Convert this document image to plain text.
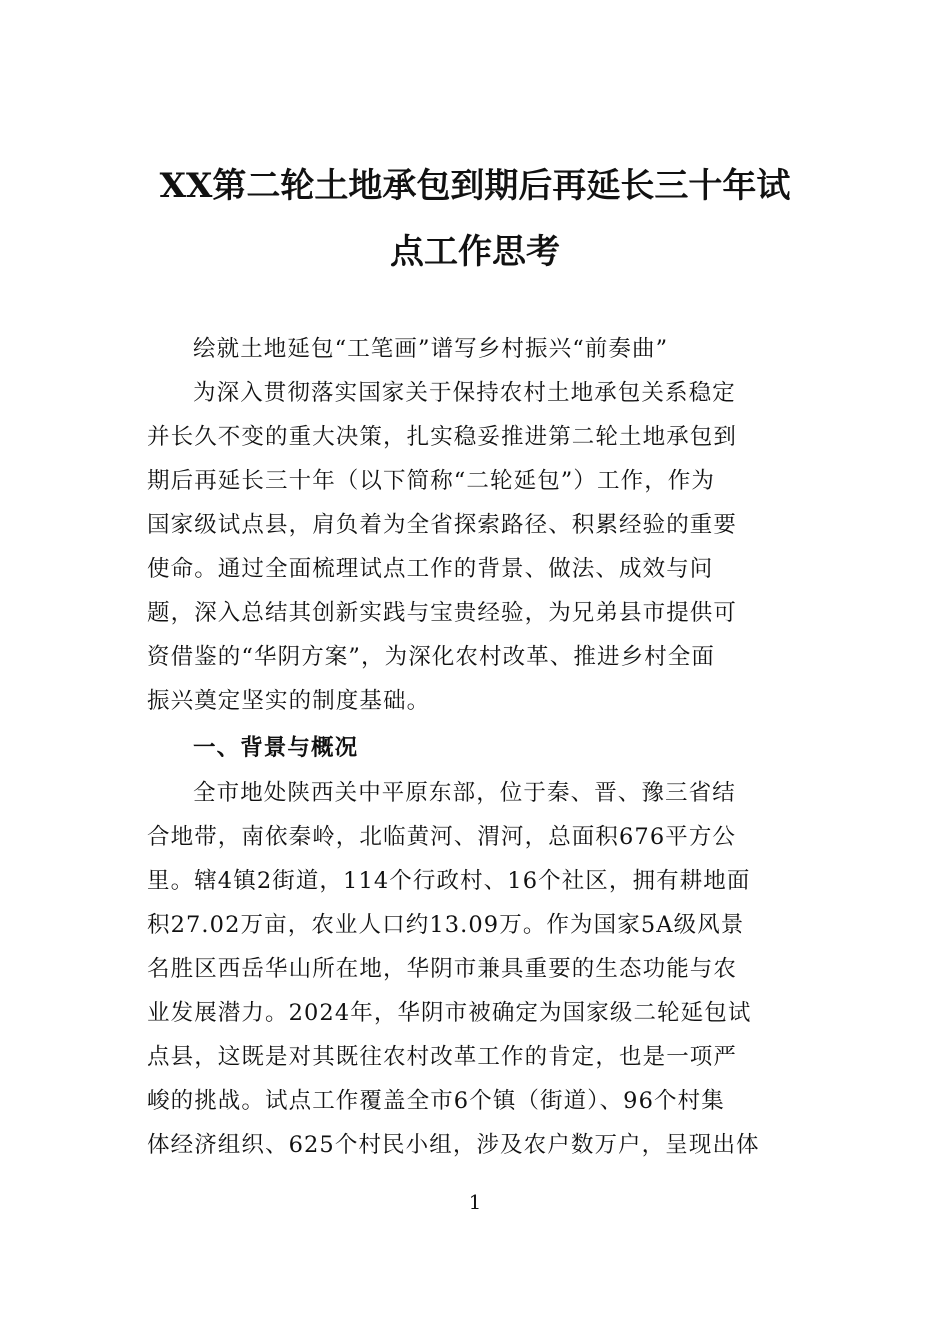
XX第二轮土地承包到期后再延长三十年试
点工作思考
绘就土地延包“工笔画”谱写乡村振兴“前奏曲”
为深入贯彻落实国家关于保持农村土地承包关系稳定
并长久不变的重大决策，扎实稳妥推进第二轮土地承包到
期后再延长三十年（以下简称“二轮延包”）工作，作为
国家级试点县，肩负着为全省探索路径、积累经验的重要
使命。通过全面梳理试点工作的背景、做法、成效与问
题，深入总结其创新实践与宝贵经验，为兄弟县市提供可
资借鉴的“华阴方案”，为深化农村改革、推进乡村全面
振兴奠定坚实的制度基础。
一、背景与概况
全市地处陕西关中平原东部，位于秦、晋、豫三省结
合地带，南依秦岭，北临黄河、渭河，总面积676平方公
里。辖4镇2街道，114个行政村、16个社区，拥有耕地面
积27.02万亩，农业人口约13.09万。作为国家5A级风景
名胜区西岳华山所在地，华阴市兼具重要的生态功能与农
业发展潜力。2024年，华阴市被确定为国家级二轮延包试
点县，这既是对其既往农村改革工作的肯定，也是一项严
峻的挑战。试点工作覆盖全市6个镇（街道）、96个村集
体经济组织、625个村民小组，涉及农户数万户，呈现出体
1
